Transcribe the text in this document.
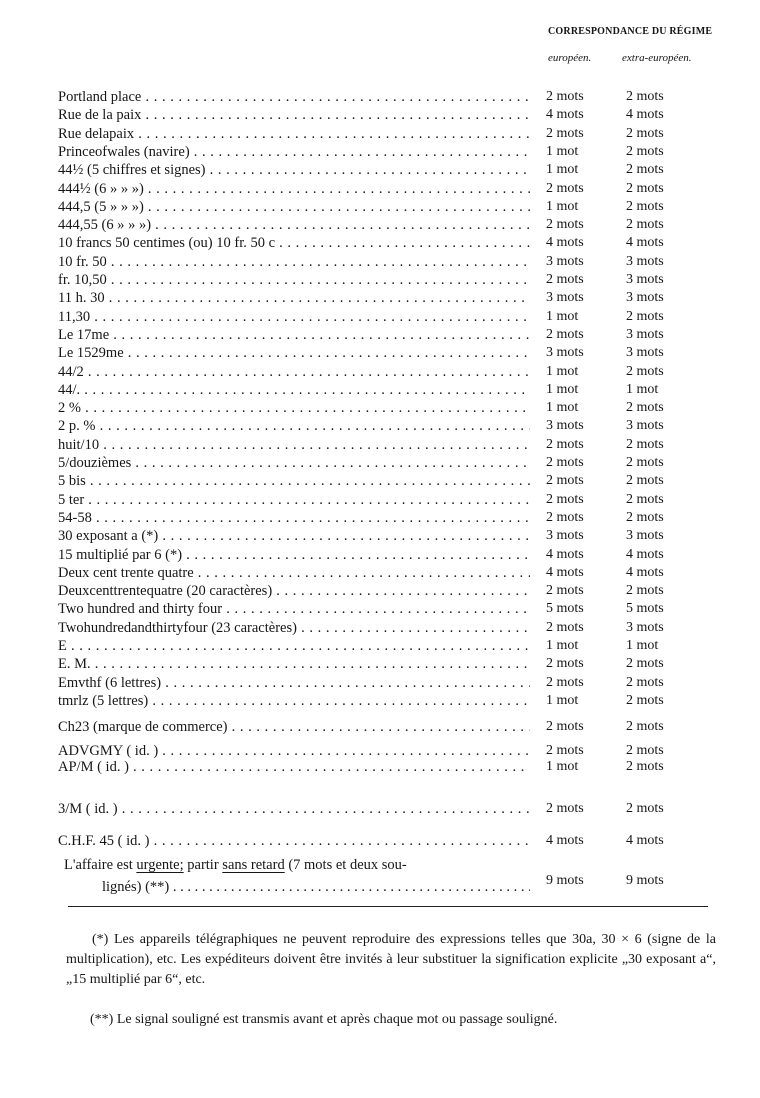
CORRESPONDANCE DU RÉGIME
européen.	extra-européen.
Portland place . . .	2 mots	2 mots
Rue de la paix . . .	4 mots	4 mots
Rue delapaix . . .	2 mots	2 mots
Princeofwales (navire) . . .	1 mot	2 mots
44½ (5 chiffres et signes) . . .	1 mot	2 mots
444½ (6 » » ») . . .	2 mots	2 mots
444,5 (5 » » ») . . .	1 mot	2 mots
444,55 (6 » » ») . . .	2 mots	2 mots
10 francs 50 centimes (ou) 10 fr. 50 c . . .	4 mots	4 mots
10 fr. 50 . . .	3 mots	3 mots
fr. 10,50 . . .	2 mots	3 mots
11 h. 30 . . .	3 mots	3 mots
11,30 . . .	1 mot	2 mots
Le 17me . . .	2 mots	3 mots
Le 1529me . . .	3 mots	3 mots
44/2 . . .	1 mot	2 mots
44/. . . .	1 mot	1 mot
2 % . . .	1 mot	2 mots
2 p. % . . .	3 mots	3 mots
huit/10 . . .	2 mots	2 mots
5/douzièmes . . .	2 mots	2 mots
5 bis . . .	2 mots	2 mots
5 ter . . .	2 mots	2 mots
54-58 . . .	2 mots	2 mots
30 exposant a (*) . . .	3 mots	3 mots
15 multiplié par 6 (*) . . .	4 mots	4 mots
Deux cent trente quatre . . .	4 mots	4 mots
Deuxcenttrentequatre (20 caractères) . . .	2 mots	2 mots
Two hundred and thirty four . . .	5 mots	5 mots
Twohundredandthirtyfour (23 caractères) . . .	2 mots	3 mots
E . . .	1 mot	1 mot
E. M. . . .	2 mots	2 mots
Emvthf (6 lettres) . . .	2 mots	2 mots
tmrlz (5 lettres) . . .	1 mot	2 mots
Ch23 (marque de commerce) . . .	2 mots	2 mots
ADVGMY ( id. ) . . .	2 mots	2 mots
AP/M ( id. ) . . .	1 mot	2 mots
3/M ( id. ) . . .	2 mots	2 mots
C.H.F. 45 ( id. ) . . .	4 mots	4 mots
L'affaire est urgente; partir sans retard (7 mots et deux sou-
lignés) (**) . . .	9 mots	9 mots
(*) Les appareils télégraphiques ne peuvent reproduire des expressions telles que 30a, 30 × 6 (signe de la multiplication), etc. Les expéditeurs doivent être invités à leur substituer la signification explicite „30 exposant a“, „15 multiplié par 6“, etc.
(**) Le signal souligné est transmis avant et après chaque mot ou passage souligné.
